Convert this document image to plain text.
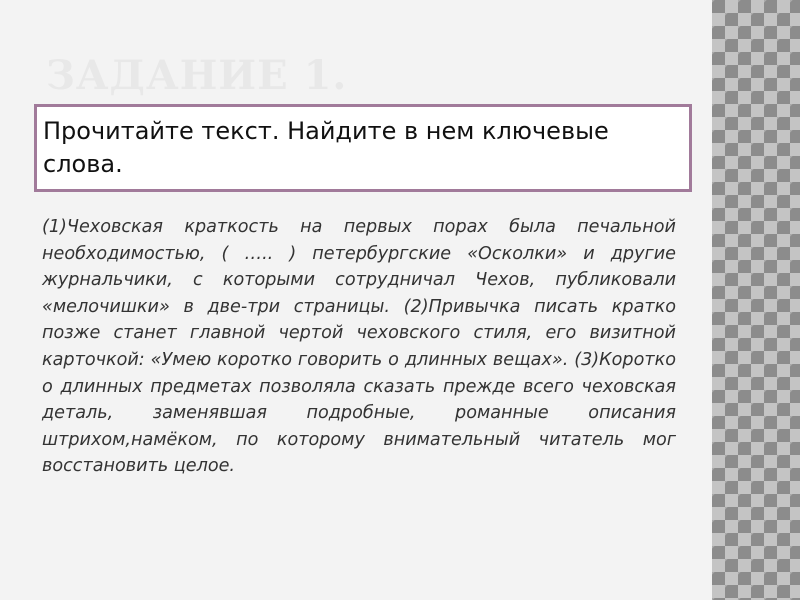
ЗАДАНИЕ 1.

Прочитайте текст. Найдите в нем ключевые слова.

(1)Чеховская краткость на первых порах была печальной необходимостью, ( ….. ) петербургские «Осколки» и другие журнальчики, с которыми сотрудничал Чехов, публиковали «мелочишки» в две-три страницы. (2)Привычка писать кратко позже станет главной чертой чеховского стиля, его визитной карточкой: «Умею коротко говорить о длинных вещах». (3)Коротко о длинных предметах позволяла сказать прежде всего чеховская деталь, заменявшая подробные, романные описания штрихом,намёком, по которому внимательный читатель мог восстановить целое.
